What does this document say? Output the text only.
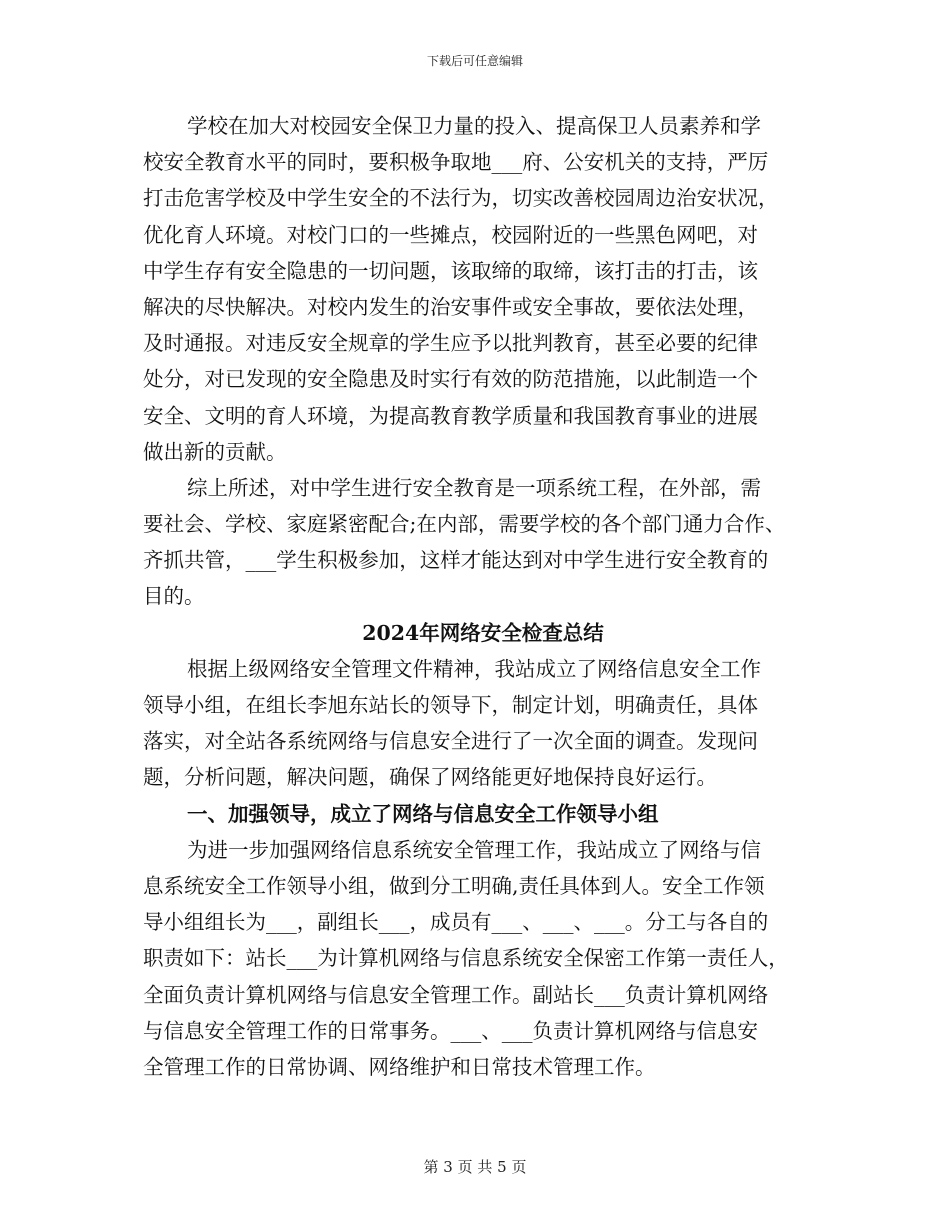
下载后可任意编辑
学校在加大对校园安全保卫力量的投入、提高保卫人员素养和学
校安全教育水平的同时，要积极争取地___府、公安机关的支持，严厉
打击危害学校及中学生安全的不法行为，切实改善校园周边治安状况，
优化育人环境。对校门口的一些摊点，校园附近的一些黑色网吧，对
中学生存有安全隐患的一切问题，该取缔的取缔，该打击的打击，该
解决的尽快解决。对校内发生的治安事件或安全事故，要依法处理，
及时通报。对违反安全规章的学生应予以批判教育，甚至必要的纪律
处分，对已发现的安全隐患及时实行有效的防范措施，以此制造一个
安全、文明的育人环境，为提高教育教学质量和我国教育事业的进展
做出新的贡献。
综上所述，对中学生进行安全教育是一项系统工程，在外部，需
要社会、学校、家庭紧密配合;在内部，需要学校的各个部门通力合作、
齐抓共管，___学生积极参加，这样才能达到对中学生进行安全教育的
目的。
2024年网络安全检查总结
根据上级网络安全管理文件精神，我站成立了网络信息安全工作
领导小组，在组长李旭东站长的领导下，制定计划，明确责任，具体
落实，对全站各系统网络与信息安全进行了一次全面的调查。发现问
题，分析问题，解决问题，确保了网络能更好地保持良好运行。
一、加强领导，成立了网络与信息安全工作领导小组
为进一步加强网络信息系统安全管理工作，我站成立了网络与信
息系统安全工作领导小组，做到分工明确,责任具体到人。安全工作领
导小组组长为___，副组长___，成员有___、___、___。分工与各自的
职责如下：站长___为计算机网络与信息系统安全保密工作第一责任人，
全面负责计算机网络与信息安全管理工作。副站长___负责计算机网络
与信息安全管理工作的日常事务。___、___负责计算机网络与信息安
全管理工作的日常协调、网络维护和日常技术管理工作。
第 3 页 共 5 页
